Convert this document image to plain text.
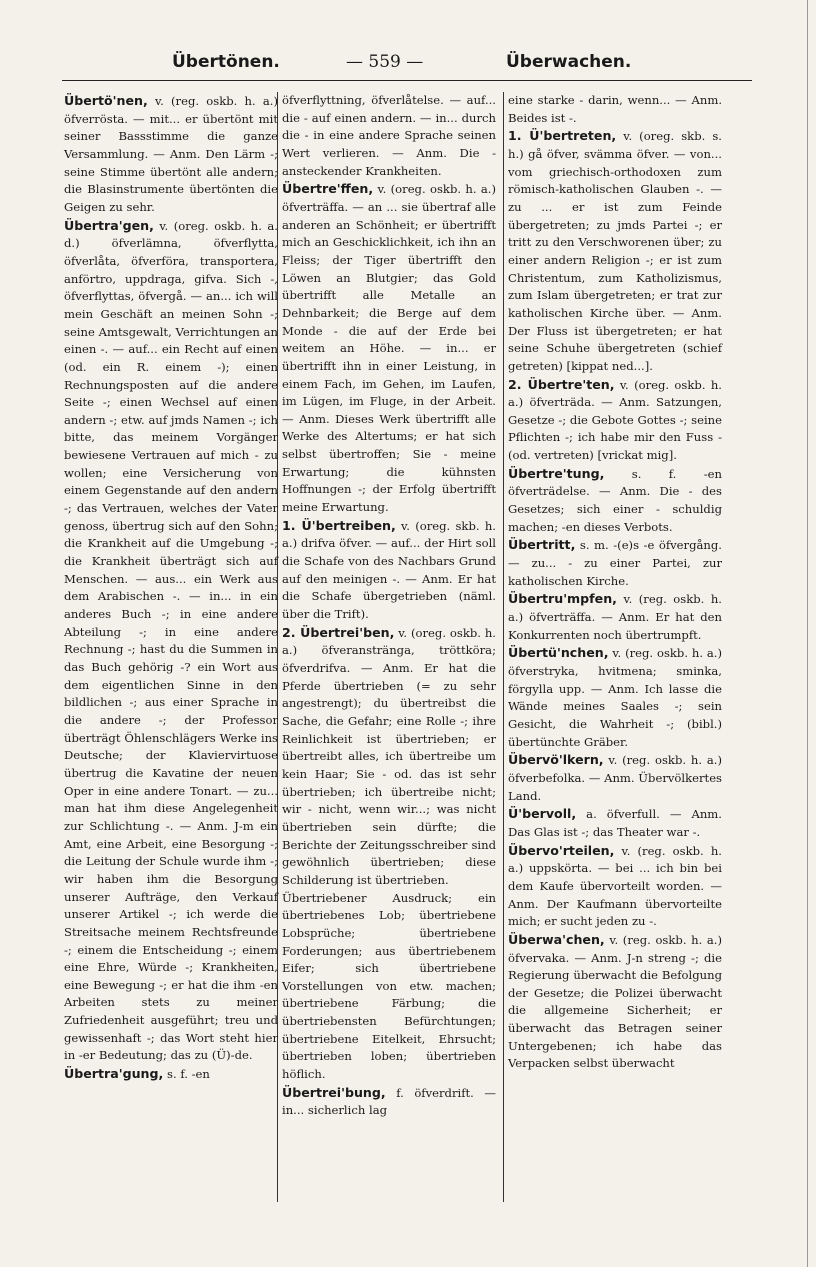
Übertönen.	— 559 —	Überwachen.

Übertö'nen, v. (reg. oskb. h. a.) öfverrösta. — mit... er übertönt mit seiner Bassstimme die ganze Versammlung. — Anm. Den Lärm -; seine Stimme übertönt alle andern; die Blasinstrumente übertönten die Geigen zu sehr.

Übertra'gen, v. (oreg. oskb. h. a. d.) öfverlämna, öfverflytta, öfverlåta, öfverföra, transportera, anförtro, uppdraga, gifva. Sich -, öfverflyttas, öfvergå. — an... ich will mein Geschäft an meinen Sohn -; seine Amtsgewalt, Verrichtungen an einen -. — auf... ein Recht auf einen (od. ein R. einem -); einen Rechnungsposten auf die andere Seite -; einen Wechsel auf einen andern -; etw. auf jmds Namen -; ich bitte, das meinem Vorgänger bewiesene Vertrauen auf mich - zu wollen; eine Versicherung von einem Gegenstande auf den andern -; das Vertrauen, welches der Vater genoss, übertrug sich auf den Sohn; die Krankheit auf die Umgebung -; die Krankheit überträgt sich auf Menschen. — aus... ein Werk aus dem Arabischen -. — in... in ein anderes Buch -; in eine andere Abteilung -; in eine andere Rechnung -; hast du die Summen in das Buch gehörig -? ein Wort aus dem eigentlichen Sinne in den bildlichen -; aus einer Sprache in die andere -; der Professor überträgt Öhlenschlägers Werke ins Deutsche; der Klaviervirtuose übertrug die Kavatine der neuen Oper in eine andere Tonart. — zu... man hat ihm diese Angelegenheit zur Schlichtung -. — Anm. J-m ein Amt, eine Arbeit, eine Besorgung -; die Leitung der Schule wurde ihm -; wir haben ihm die Besorgung unserer Aufträge, den Verkauf unserer Artikel -; ich werde die Streitsache meinem Rechtsfreunde -; einem die Entscheidung -; einem eine Ehre, Würde -; Krankheiten, eine Bewegung -; er hat die ihm -en Arbeiten stets zu meiner Zufriedenheit ausgeführt; treu und gewissenhaft -; das Wort steht hier in -er Bedeutung; das zu (Ü)-de.

Übertra'gung, s. f. -en

öfverflyttning, öfverlåtelse. — auf... die - auf einen andern. — in... durch die - in eine andere Sprache seinen Wert verlieren. — Anm. Die - ansteckender Krankheiten.

Übertre'ffen, v. (oreg. oskb. h. a.) öfverträffa. — an ... sie übertraf alle anderen an Schönheit; er übertrifft mich an Geschicklichkeit, ich ihn an Fleiss; der Tiger übertrifft den Löwen an Blutgier; das Gold übertrifft alle Metalle an Dehnbarkeit; die Berge auf dem Monde - die auf der Erde bei weitem an Höhe. — in... er übertrifft ihn in einer Leistung, in einem Fach, im Gehen, im Laufen, im Lügen, im Fluge, in der Arbeit. — Anm. Dieses Werk übertrifft alle Werke des Altertums; er hat sich selbst übertroffen; Sie - meine Erwartung; die kühnsten Hoffnungen -; der Erfolg übertrifft meine Erwartung.

1. Ü'bertreiben, v. (oreg. skb. h. a.) drifva öfver. — auf... der Hirt soll die Schafe von des Nachbars Grund auf den meinigen -. — Anm. Er hat die Schafe übergetrieben (näml. über die Trift).

2. Übertrei'ben, v. (oreg. oskb. h. a.) öfveranstränga, tröttköra; öfverdrifva. — Anm. Er hat die Pferde übertrieben (= zu sehr angestrengt); du übertreibst die Sache, die Gefahr; eine Rolle -; ihre Reinlichkeit ist übertrieben; er übertreibt alles, ich übertreibe um kein Haar; Sie - od. das ist sehr übertrieben; ich übertreibe nicht; wir - nicht, wenn wir...; was nicht übertrieben sein dürfte; die Berichte der Zeitungsschreiber sind gewöhnlich übertrieben; diese Schilderung ist übertrieben.

Übertriebener Ausdruck; ein übertriebenes Lob; übertriebene Lobsprüche; übertriebene Forderungen; aus übertriebenem Eifer; sich übertriebene Vorstellungen von etw. machen; übertriebene Färbung; die übertriebensten Befürchtungen; übertriebene Eitelkeit, Ehrsucht; übertrieben loben; übertrieben höflich.

Übertrei'bung, f. öfverdrift. — in... sicherlich lag

eine starke - darin, wenn... — Anm. Beides ist -.

1. Ü'bertreten, v. (oreg. skb. s. h.) gå öfver, svämma öfver. — von... vom griechisch-orthodoxen zum römisch-katholischen Glauben -. — zu ... er ist zum Feinde übergetreten; zu jmds Partei -; er tritt zu den Verschworenen über; zu einer andern Religion -; er ist zum Christentum, zum Katholizismus, zum Islam übergetreten; er trat zur katholischen Kirche über. — Anm. Der Fluss ist übergetreten; er hat seine Schuhe übergetreten (schief getreten) [kippat ned...].

2. Übertre'ten, v. (oreg. oskb. h. a.) öfverträda. — Anm. Satzungen, Gesetze -; die Gebote Gottes -; seine Pflichten -; ich habe mir den Fuss - (od. vertreten) [vrickat mig].

Übertre'tung, s. f. -en öfverträdelse. — Anm. Die - des Gesetzes; sich einer - schuldig machen; -en dieses Verbots.

Übertritt, s. m. -(e)s -e öfvergång. — zu... - zu einer Partei, zur katholischen Kirche.

Übertru'mpfen, v. (reg. oskb. h. a.) öfverträffa. — Anm. Er hat den Konkurrenten noch übertrumpft.

Übertü'nchen, v. (reg. oskb. h. a.) öfverstryka, hvitmena; sminka, förgylla upp. — Anm. Ich lasse die Wände meines Saales -; sein Gesicht, die Wahrheit -; (bibl.) übertünchte Gräber.

Übervö'lkern, v. (reg. oskb. h. a.) öfverbefolka. — Anm. Übervölkertes Land.

Ü'bervoll, a. öfverfull. — Anm. Das Glas ist -; das Theater war -.

Übervo'rteilen, v. (reg. oskb. h. a.) uppskörta. — bei ... ich bin bei dem Kaufe übervorteilt worden. — Anm. Der Kaufmann übervorteilte mich; er sucht jeden zu -.

Überwa'chen, v. (reg. oskb. h. a.) öfvervaka. — Anm. J-n streng -; die Regierung überwacht die Befolgung der Gesetze; die Polizei überwacht die allgemeine Sicherheit; er überwacht das Betragen seiner Untergebenen; ich habe das Verpacken selbst überwacht
